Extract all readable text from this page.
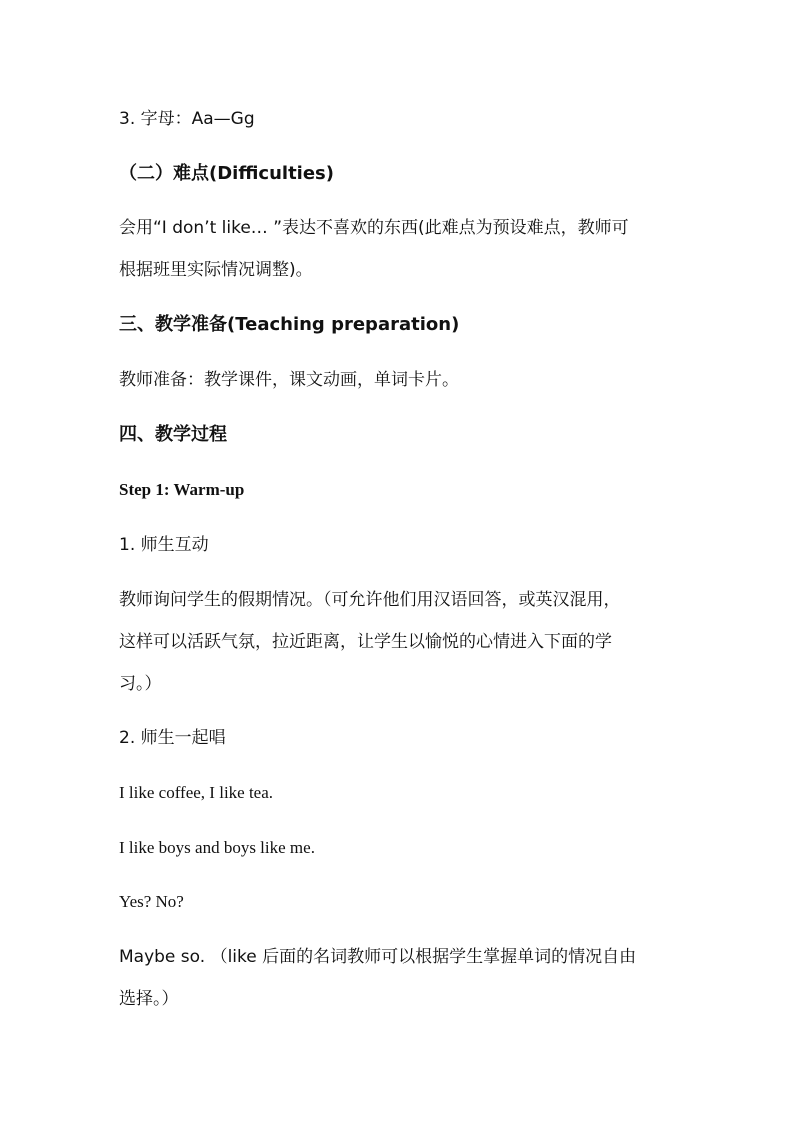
3. 字母：Aa—Gg
（二）难点(Difficulties)
会用“I don’t like… ”表达不喜欢的东西(此难点为预设难点，教师可
根据班里实际情况调整)。
三、教学准备(Teaching preparation)
教师准备：教学课件，课文动画，单词卡片。
四、教学过程
Step 1: Warm-up
1. 师生互动
教师询问学生的假期情况。（可允许他们用汉语回答，或英汉混用，
这样可以活跃气氛，拉近距离，让学生以愉悦的心情进入下面的学
习。）
2. 师生一起唱
I like coffee, I like tea.
I like boys and boys like me.
Yes? No?
Maybe so. （like 后面的名词教师可以根据学生掌握单词的情况自由
选择。）
